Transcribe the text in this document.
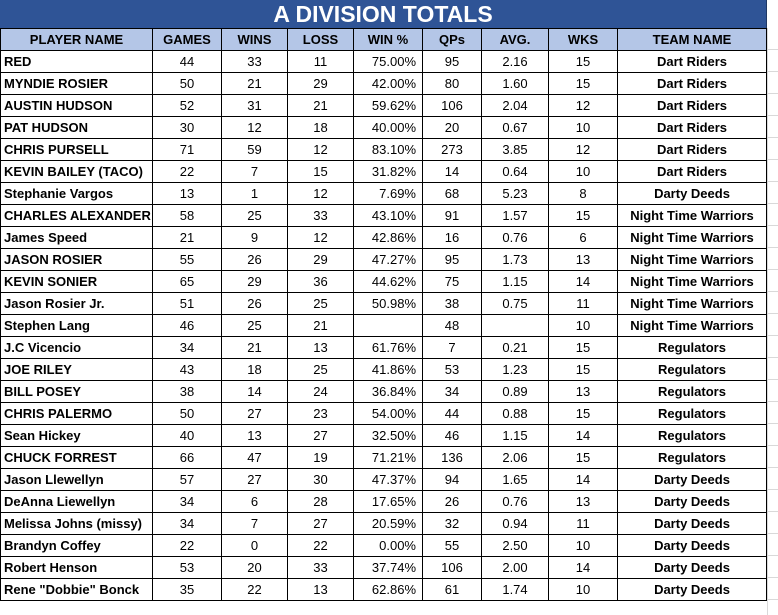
A DIVISION TOTALS
PLAYER NAME	GAMES	WINS	LOSS	WIN %	QPs	AVG.	WKS	TEAM NAME
RED	44	33	11	75.00%	95	2.16	15	Dart Riders
MYNDIE ROSIER	50	21	29	42.00%	80	1.60	15	Dart Riders
AUSTIN HUDSON	52	31	21	59.62%	106	2.04	12	Dart Riders
PAT HUDSON	30	12	18	40.00%	20	0.67	10	Dart Riders
CHRIS PURSELL	71	59	12	83.10%	273	3.85	12	Dart Riders
KEVIN BAILEY (TACO)	22	7	15	31.82%	14	0.64	10	Dart Riders
Stephanie Vargos	13	1	12	7.69%	68	5.23	8	Darty Deeds
CHARLES ALEXANDER	58	25	33	43.10%	91	1.57	15	Night Time Warriors
James Speed	21	9	12	42.86%	16	0.76	6	Night Time Warriors
JASON ROSIER	55	26	29	47.27%	95	1.73	13	Night Time Warriors
KEVIN SONIER	65	29	36	44.62%	75	1.15	14	Night Time Warriors
Jason Rosier Jr.	51	26	25	50.98%	38	0.75	11	Night Time Warriors
Stephen Lang	46	25	21		48		10	Night Time Warriors
J.C Vicencio	34	21	13	61.76%	7	0.21	15	Regulators
JOE RILEY	43	18	25	41.86%	53	1.23	15	Regulators
BILL POSEY	38	14	24	36.84%	34	0.89	13	Regulators
CHRIS PALERMO	50	27	23	54.00%	44	0.88	15	Regulators
Sean Hickey	40	13	27	32.50%	46	1.15	14	Regulators
CHUCK FORREST	66	47	19	71.21%	136	2.06	15	Regulators
Jason Llewellyn	57	27	30	47.37%	94	1.65	14	Darty Deeds
DeAnna Liewellyn	34	6	28	17.65%	26	0.76	13	Darty Deeds
Melissa Johns (missy)	34	7	27	20.59%	32	0.94	11	Darty Deeds
Brandyn Coffey	22	0	22	0.00%	55	2.50	10	Darty Deeds
Robert Henson	53	20	33	37.74%	106	2.00	14	Darty Deeds
Rene "Dobbie" Bonck	35	22	13	62.86%	61	1.74	10	Darty Deeds
